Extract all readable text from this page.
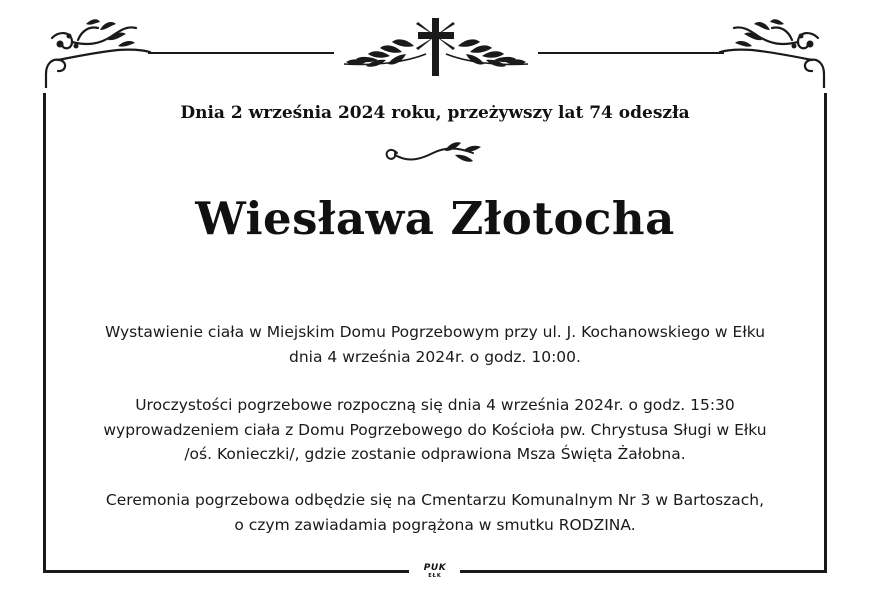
Dnia 2 września 2024 roku, przeżywszy lat 74 odeszła
Wiesława Złotocha
Wystawienie ciała w Miejskim Domu Pogrzebowym przy ul. J. Kochanowskiego w Ełku
dnia 4 września 2024r. o godz. 10:00.
Uroczystości pogrzebowe rozpoczną się dnia 4 września 2024r. o godz. 15:30
wyprowadzeniem ciała z Domu Pogrzebowego do Kościoła pw. Chrystusa Sługi w Ełku
/oś. Konieczki/, gdzie zostanie odprawiona Msza Święta Żałobna.
Ceremonia pogrzebowa odbędzie się na Cmentarzu Komunalnym Nr 3 w Bartoszach,
o czym zawiadamia pogrążona w smutku RODZINA.
PUK
EŁK
